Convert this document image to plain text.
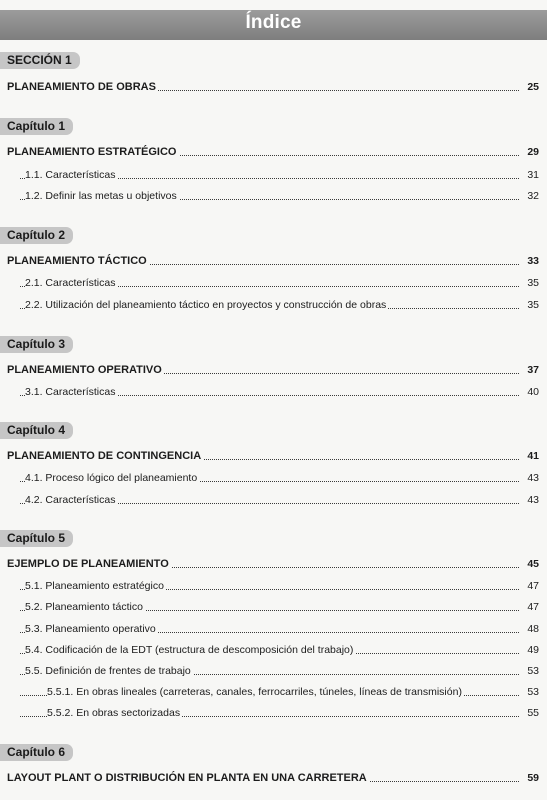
Índice
SECCIÓN 1
PLANEAMIENTO DE OBRAS	25
Capítulo 1
PLANEAMIENTO ESTRATÉGICO	29
1.1. Características	31
1.2. Definir las metas u objetivos	32
Capítulo 2
PLANEAMIENTO TÁCTICO	33
2.1. Características	35
2.2. Utilización del planeamiento táctico en proyectos y construcción de obras	35
Capítulo 3
PLANEAMIENTO OPERATIVO	37
3.1. Características	40
Capítulo 4
PLANEAMIENTO DE CONTINGENCIA	41
4.1. Proceso lógico del planeamiento	43
4.2. Características	43
Capítulo 5
EJEMPLO DE PLANEAMIENTO	45
5.1. Planeamiento estratégico	47
5.2. Planeamiento táctico	47
5.3. Planeamiento operativo	48
5.4. Codificación de la EDT (estructura de descomposición del trabajo)	49
5.5. Definición de frentes de trabajo	53
5.5.1. En obras lineales (carreteras, canales, ferrocarriles, túneles, líneas de transmisión)	53
5.5.2. En obras sectorizadas	55
Capítulo 6
LAYOUT PLANT O DISTRIBUCIÓN EN PLANTA EN UNA CARRETERA	59
